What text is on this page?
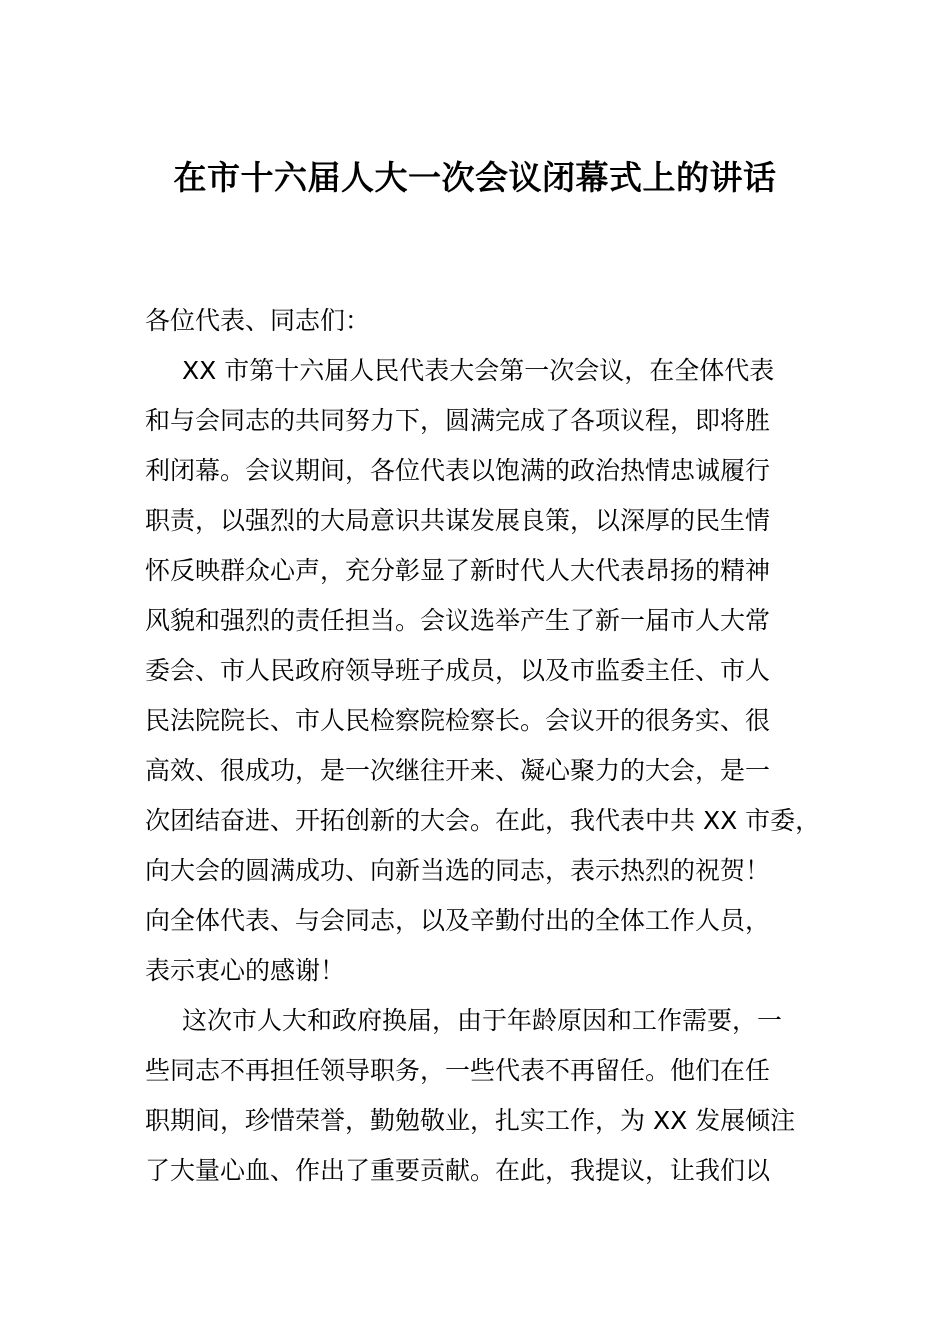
在市十六届人大一次会议闭幕式上的讲话
各位代表、同志们：
XX 市第十六届人民代表大会第一次会议，在全体代表
和与会同志的共同努力下，圆满完成了各项议程，即将胜
利闭幕。会议期间，各位代表以饱满的政治热情忠诚履行
职责，以强烈的大局意识共谋发展良策，以深厚的民生情
怀反映群众心声，充分彰显了新时代人大代表昂扬的精神
风貌和强烈的责任担当。会议选举产生了新一届市人大常
委会、市人民政府领导班子成员，以及市监委主任、市人
民法院院长、市人民检察院检察长。会议开的很务实、很
高效、很成功，是一次继往开来、凝心聚力的大会，是一
次团结奋进、开拓创新的大会。在此，我代表中共 XX 市委，
向大会的圆满成功、向新当选的同志，表示热烈的祝贺！
向全体代表、与会同志，以及辛勤付出的全体工作人员，
表示衷心的感谢！
这次市人大和政府换届，由于年龄原因和工作需要，一
些同志不再担任领导职务，一些代表不再留任。他们在任
职期间，珍惜荣誉，勤勉敬业，扎实工作，为 XX 发展倾注
了大量心血、作出了重要贡献。在此，我提议，让我们以
